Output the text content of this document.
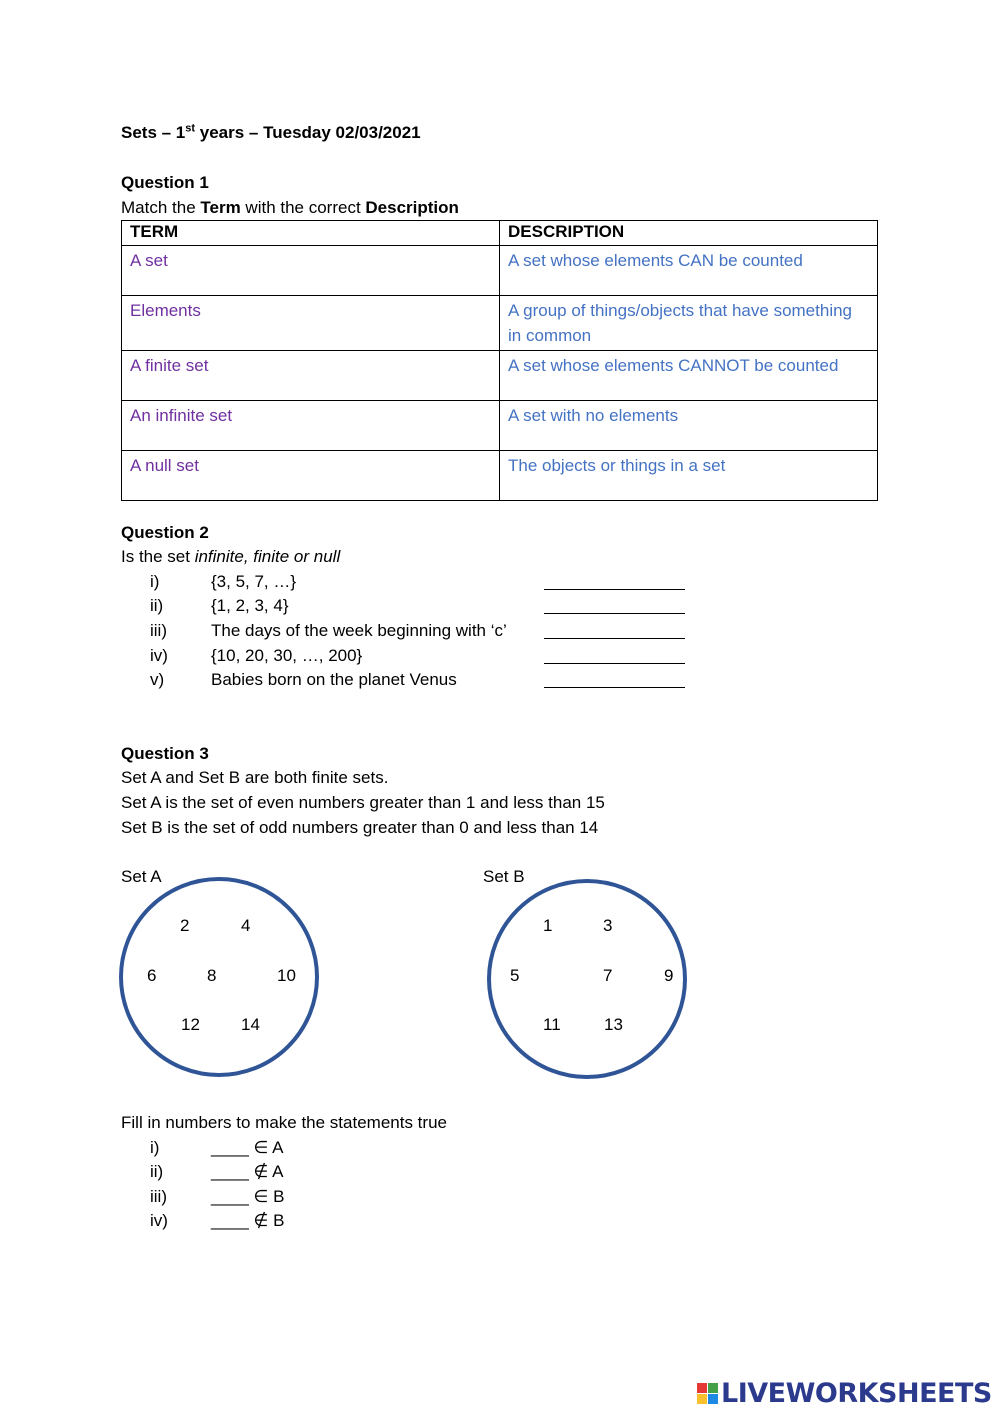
Sets – 1st years – Tuesday 02/03/2021
Question 1
Match the Term with the correct Description
TERM	DESCRIPTION
A set	A set whose elements CAN be counted
Elements	A group of things/objects that have something in common
A finite set	A set whose elements CANNOT be counted
An infinite set	A set with no elements
A null set	The objects or things in a set
Question 2
Is the set infinite, finite or null
i)	{3, 5, 7, …}
ii)	{1, 2, 3, 4}
iii)	The days of the week beginning with ‘c’
iv)	{10, 20, 30, …, 200}
v)	Babies born on the planet Venus
Question 3
Set A and Set B are both finite sets.
Set A is the set of even numbers greater than 1 and less than 15
Set B is the set of odd numbers greater than 0 and less than 14
Set A	Set B
2	4
6	8	10
12 14
1	3
5	7	9
11	13
Fill in numbers to make the statements true
i)	____ ∈ A
ii)	____ ∉ A
iii)	____ ∈ B
iv)	____ ∉ B
LIVEWORKSHEETS
